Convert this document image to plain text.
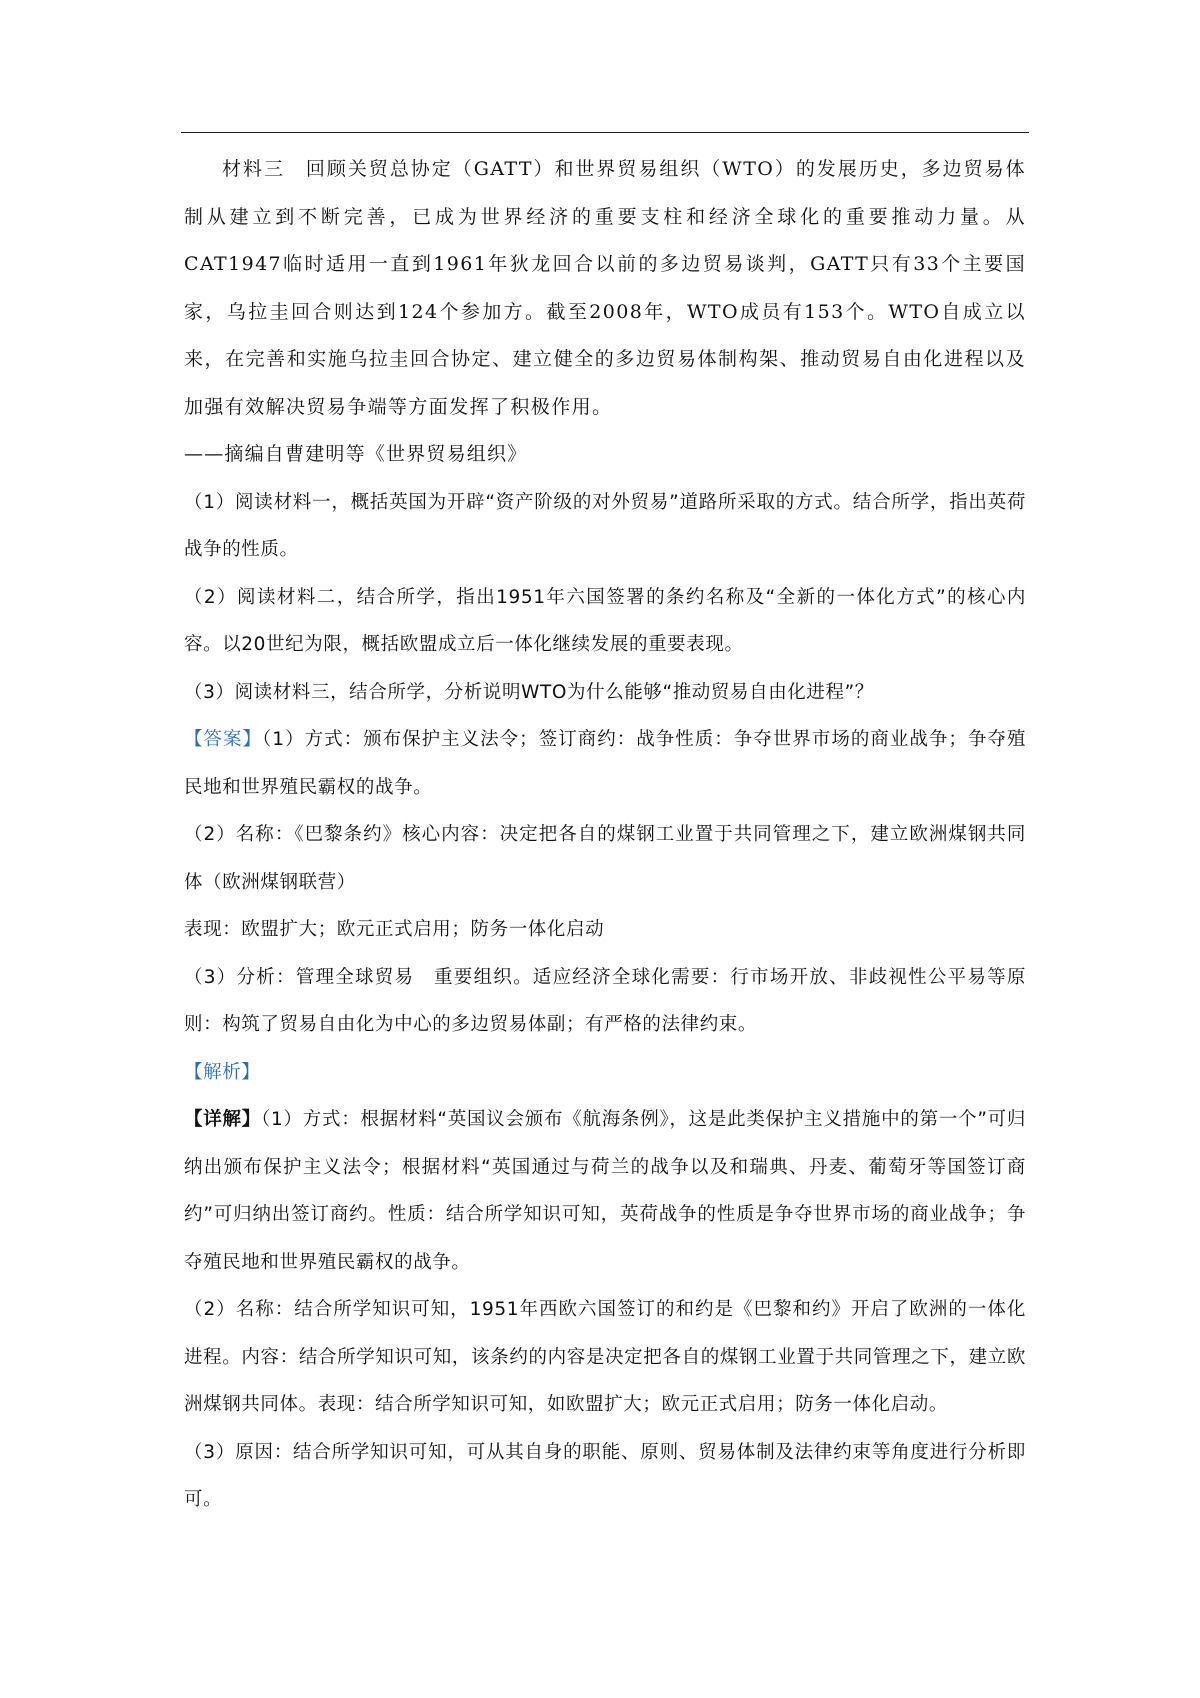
材料三　回顾关贸总协定（GATT）和世界贸易组织（WTO）的发展历史，多边贸易体制从建立到不断完善，已成为世界经济的重要支柱和经济全球化的重要推动力量。从CAT1947临时适用一直到1961年狄龙回合以前的多边贸易谈判，GATT只有33个主要国家，乌拉圭回合则达到124个参加方。截至2008年，WTO成员有153个。WTO自成立以来，在完善和实施乌拉圭回合协定、建立健全的多边贸易体制构架、推动贸易自由化进程以及加强有效解决贸易争端等方面发挥了积极作用。

——摘编自曹建明等《世界贸易组织》

（1）阅读材料一，概括英国为开辟“资产阶级的对外贸易”道路所采取的方式。结合所学，指出英荷战争的性质。

（2）阅读材料二，结合所学，指出1951年六国签署的条约名称及“全新的一体化方式”的核心内容。以20世纪为限，概括欧盟成立后一体化继续发展的重要表现。

（3）阅读材料三，结合所学，分析说明WTO为什么能够“推动贸易自由化进程”？

【答案】（1）方式：颁布保护主义法令；签订商约：战争性质：争夺世界市场的商业战争；争夺殖民地和世界殖民霸权的战争。

（2）名称：《巴黎条约》核心内容：决定把各自的煤钢工业置于共同管理之下，建立欧洲煤钢共同体（欧洲煤钢联营）

表现：欧盟扩大；欧元正式启用；防务一体化启动

（3）分析：管理全球贸易　重要组织。适应经济全球化需要：行市场开放、非歧视性公平易等原则：构筑了贸易自由化为中心的多边贸易体副；有严格的法律约束。

【解析】

【详解】（1）方式：根据材料“英国议会颁布《航海条例》，这是此类保护主义措施中的第一个”可归纳出颁布保护主义法令；根据材料“英国通过与荷兰的战争以及和瑞典、丹麦、葡萄牙等国签订商约”可归纳出签订商约。性质：结合所学知识可知，英荷战争的性质是争夺世界市场的商业战争；争夺殖民地和世界殖民霸权的战争。

（2）名称：结合所学知识可知，1951年西欧六国签订的和约是《巴黎和约》开启了欧洲的一体化进程。内容：结合所学知识可知，该条约的内容是决定把各自的煤钢工业置于共同管理之下，建立欧洲煤钢共同体。表现：结合所学知识可知，如欧盟扩大；欧元正式启用；防务一体化启动。

（3）原因：结合所学知识可知，可从其自身的职能、原则、贸易体制及法律约束等角度进行分析即可。
